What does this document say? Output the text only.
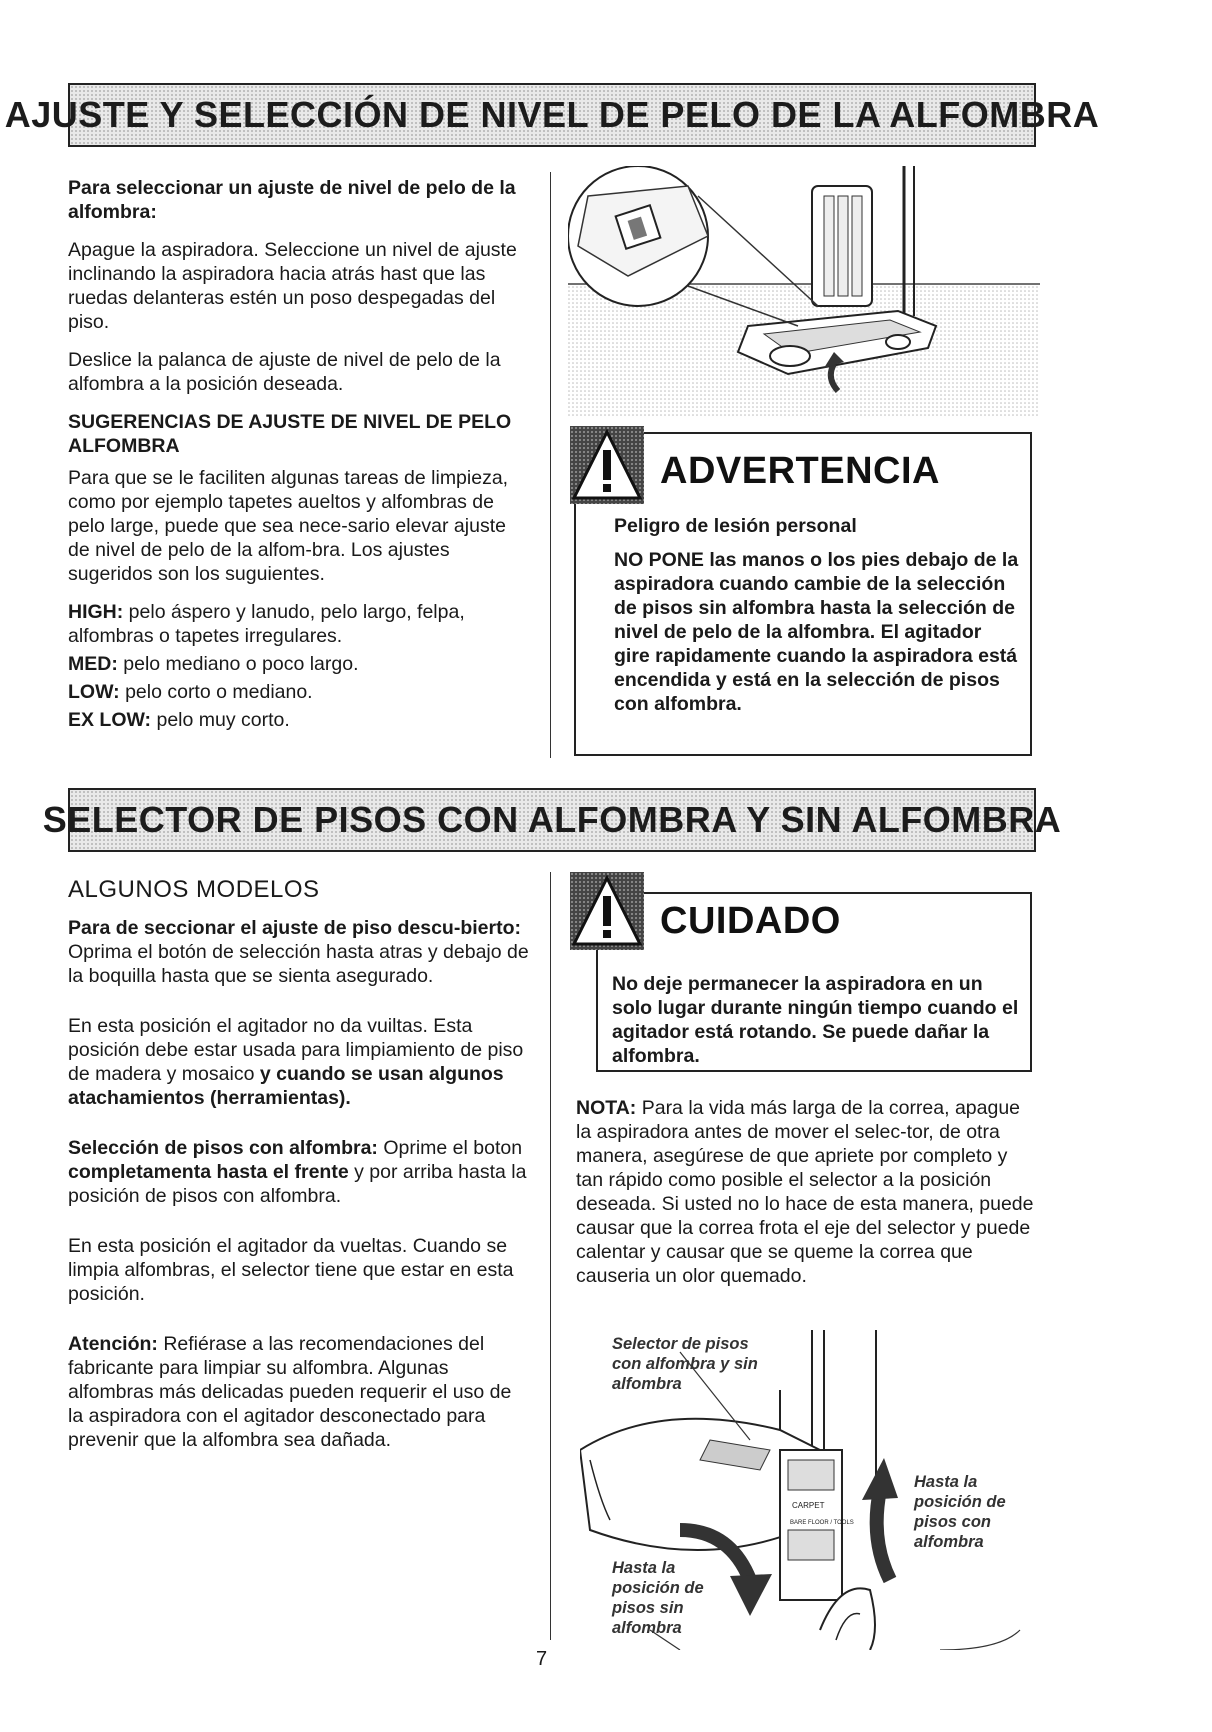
AJUSTE Y SELECCIÓN DE NIVEL DE PELO DE LA ALFOMBRA

Para seleccionar un ajuste de nivel de pelo de la alfombra:

Apague la aspiradora. Seleccione un nivel de ajuste inclinando la aspiradora hacia atrás hast que las ruedas delanteras estén un poso despegadas del piso.

Deslice la palanca de ajuste de nivel de pelo de la alfombra a la posición deseada.

SUGERENCIAS DE AJUSTE DE NIVEL DE PELO ALFOMBRA

Para que se le faciliten algunas tareas de limpieza, como por ejemplo tapetes aueltos y alfombras de pelo large, puede que sea nece-sario elevar ajuste de nivel de pelo de la alfom-bra. Los ajustes sugeridos son los suguientes.

HIGH: pelo áspero y lanudo, pelo largo, felpa, alfombras o tapetes irregulares.

MED: pelo mediano o poco largo.

LOW: pelo corto o mediano.

EX LOW: pelo muy corto.

ADVERTENCIA

Peligro de lesión personal

NO PONE las manos o los pies debajo de la aspiradora cuando cambie de la selección de pisos sin alfombra hasta la selección de nivel de pelo de la alfombra. El agitador gire rapidamente cuando la aspiradora está encendida y está en la selección de pisos con alfombra.

SELECTOR DE PISOS CON ALFOMBRA Y SIN ALFOMBRA

ALGUNOS MODELOS

Para de seccionar el ajuste de piso descu-bierto: Oprima el botón de selección hasta atras y debajo de la boquilla hasta que se sienta asegurado.

En esta posición el agitador no da vuiltas. Esta posición debe estar usada para limpiamiento de piso de madera y mosaico y cuando se usan algunos atachamientos (herramientas).

Selección de pisos con alfombra: Oprime el boton completamenta hasta el frente y por arriba hasta la posición de pisos con alfombra.

En esta posición el agitador da vueltas. Cuando se limpia alfombras, el selector tiene que estar en esta posición.

Atención: Refiérase a las recomendaciones del fabricante para limpiar su alfombra. Algunas alfombras más delicadas pueden requerir el uso de la aspiradora con el agitador desconectado para prevenir que la alfombra sea dañada.

CUIDADO
No deje permanecer la aspiradora en un solo lugar durante ningún tiempo cuando el agitador está rotando. Se puede dañar la alfombra.

NOTA: Para la vida más larga de la correa, apague la aspiradora antes de mover el selec-tor, de otra manera, asegúrese de que apriete por completo y tan rápido como posible el selector a la posición deseada. Si usted no lo hace de esta manera, puede causar que la correa frota el eje del selector y puede calentar y causar que se queme la correa que causeria un olor quemado.

CARPET
BARE FLOOR / TOOLS
Selector de pisos con alfombra y sin alfombra
Hasta la posición de pisos con alfombra
Hasta la posición de pisos sin alfombra
7
